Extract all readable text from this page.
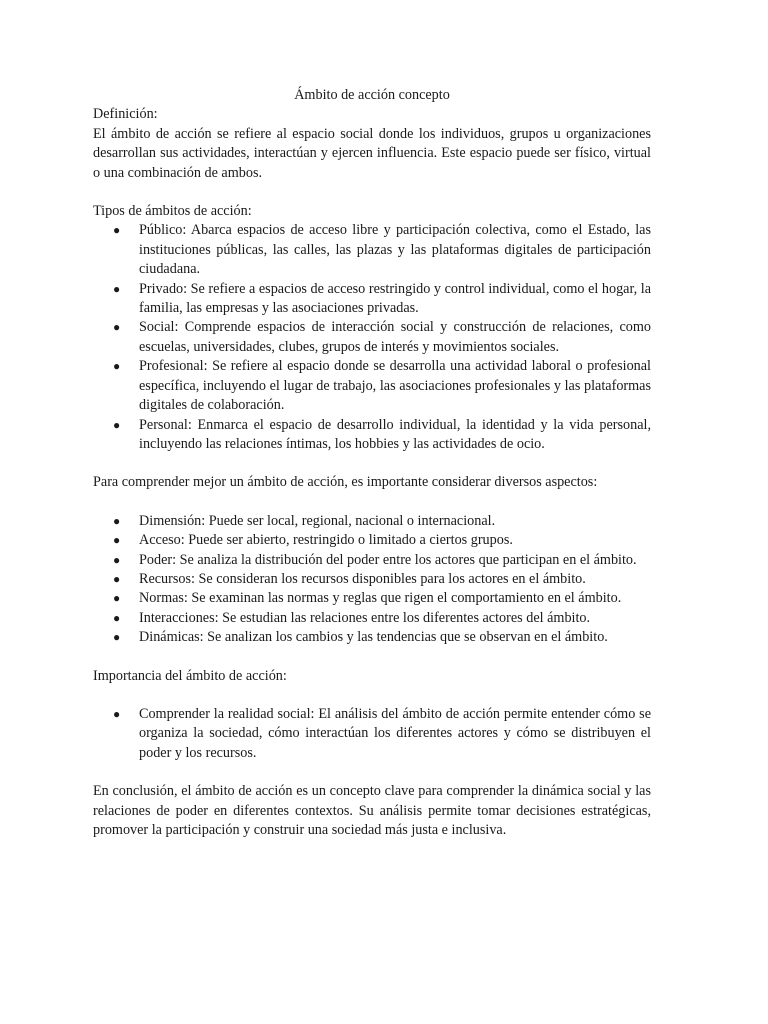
Ámbito de acción concepto

Definición:

El ámbito de acción se refiere al espacio social donde los individuos, grupos u organizaciones desarrollan sus actividades, interactúan y ejercen influencia. Este espacio puede ser físico, virtual o una combinación de ambos.

Tipos de ámbitos de acción:

● Público: Abarca espacios de acceso libre y participación colectiva, como el Estado, las instituciones públicas, las calles, las plazas y las plataformas digitales de participación ciudadana.
● Privado: Se refiere a espacios de acceso restringido y control individual, como el hogar, la familia, las empresas y las asociaciones privadas.
● Social: Comprende espacios de interacción social y construcción de relaciones, como escuelas, universidades, clubes, grupos de interés y movimientos sociales.
● Profesional: Se refiere al espacio donde se desarrolla una actividad laboral o profesional específica, incluyendo el lugar de trabajo, las asociaciones profesionales y las plataformas digitales de colaboración.
● Personal: Enmarca el espacio de desarrollo individual, la identidad y la vida personal, incluyendo las relaciones íntimas, los hobbies y las actividades de ocio.

Para comprender mejor un ámbito de acción, es importante considerar diversos aspectos:

● Dimensión: Puede ser local, regional, nacional o internacional.
● Acceso: Puede ser abierto, restringido o limitado a ciertos grupos.
● Poder: Se analiza la distribución del poder entre los actores que participan en el ámbito.
● Recursos: Se consideran los recursos disponibles para los actores en el ámbito.
● Normas: Se examinan las normas y reglas que rigen el comportamiento en el ámbito.
● Interacciones: Se estudian las relaciones entre los diferentes actores del ámbito.
● Dinámicas: Se analizan los cambios y las tendencias que se observan en el ámbito.

Importancia del ámbito de acción:

● Comprender la realidad social: El análisis del ámbito de acción permite entender cómo se organiza la sociedad, cómo interactúan los diferentes actores y cómo se distribuyen el poder y los recursos.

En conclusión, el ámbito de acción es un concepto clave para comprender la dinámica social y las relaciones de poder en diferentes contextos. Su análisis permite tomar decisiones estratégicas, promover la participación y construir una sociedad más justa e inclusiva.
